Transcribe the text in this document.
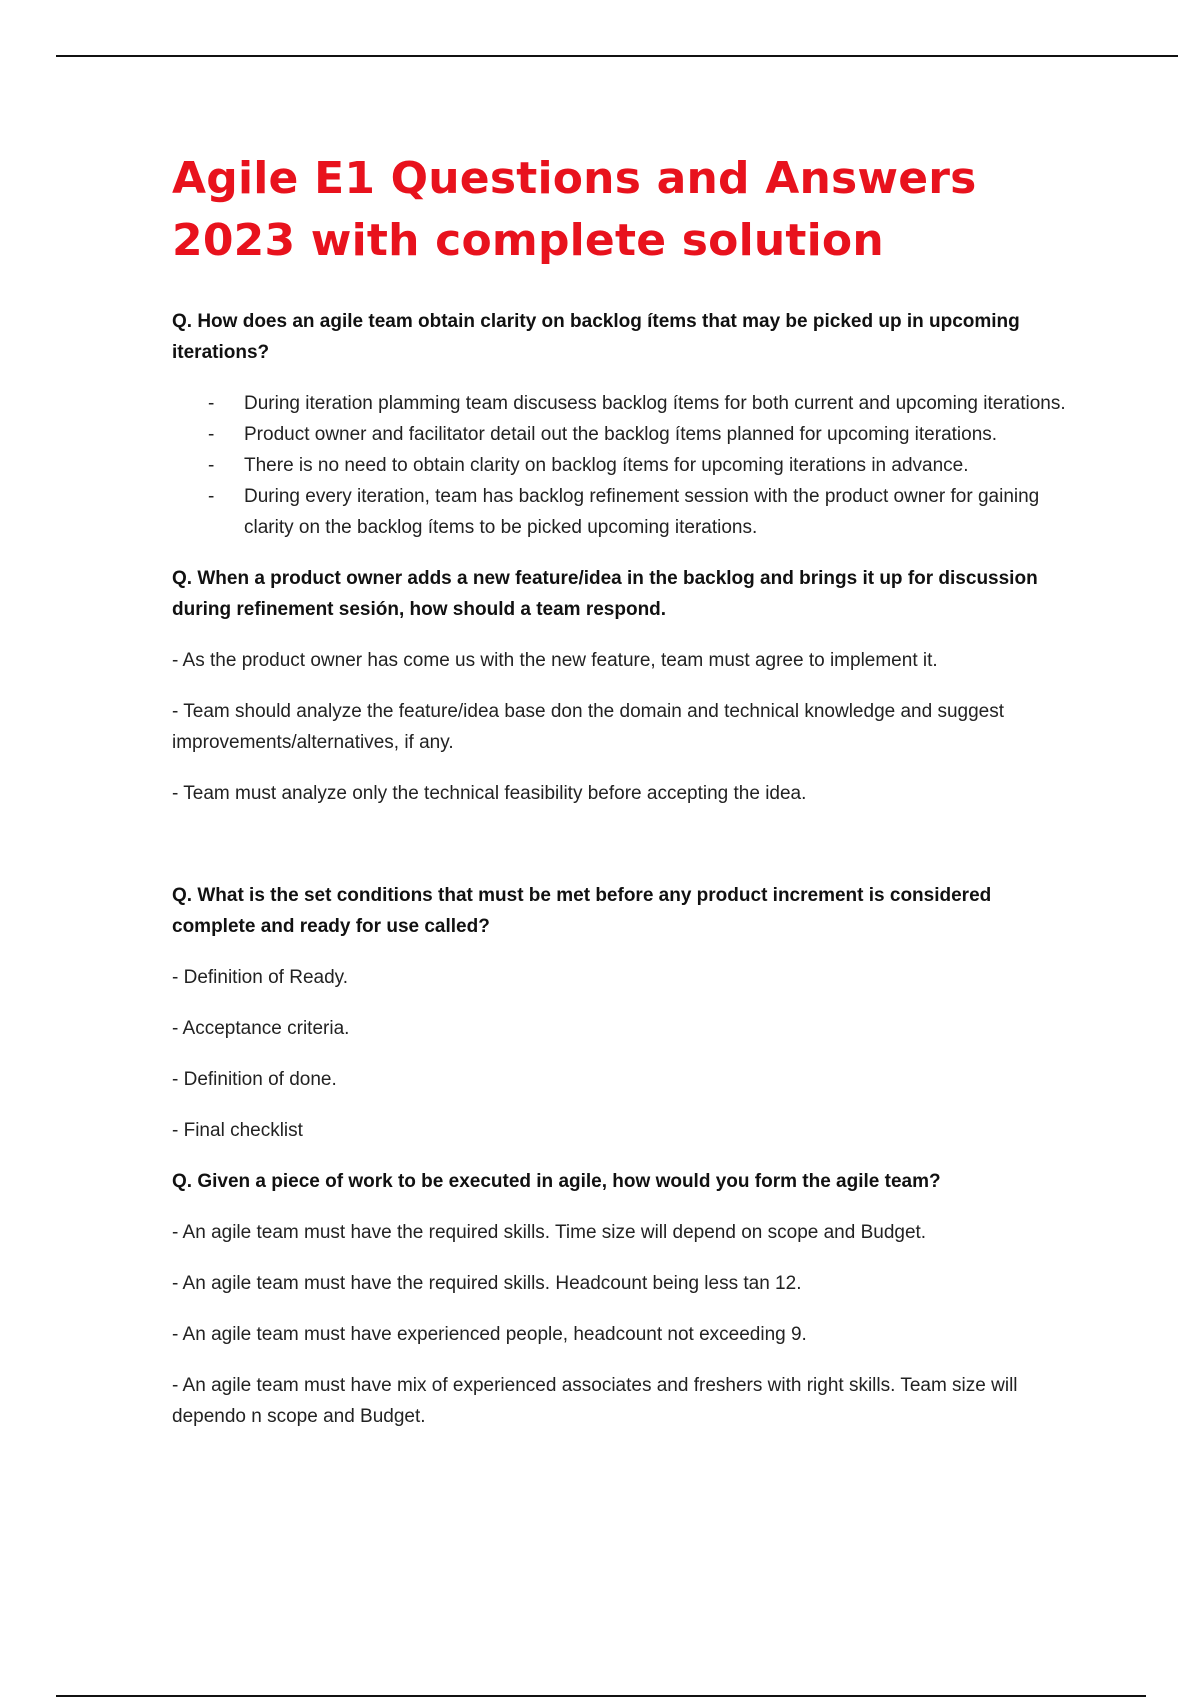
Agile E1 Questions and Answers
2023 with complete solution

Q. How does an agile team obtain clarity on backlog ítems that may be picked up in upcoming iterations?

- During iteration plamming team discusess backlog ítems for both current and upcoming iterations.
- Product owner and facilitator detail out the backlog ítems planned for upcoming iterations.
- There is no need to obtain clarity on backlog ítems for upcoming iterations in advance.
- During every iteration, team has backlog refinement session with the product owner for gaining clarity on the backlog ítems to be picked upcoming iterations.

Q. When a product owner adds a new feature/idea in the backlog and brings it up for discussion during refinement sesión, how should a team respond.

- As the product owner has come us with the new feature, team must agree to implement it.

- Team should analyze the feature/idea base don the domain and technical knowledge and suggest improvements/alternatives, if any.

- Team must analyze only the technical feasibility before accepting the idea.

Q. What is the set conditions that must be met before any product increment is considered complete and ready for use called?

- Definition of Ready.

- Acceptance criteria.

- Definition of done.

- Final checklist

Q. Given a piece of work to be executed in agile, how would you form the agile team?

- An agile team must have the required skills. Time size will depend on scope and Budget.

- An agile team must have the required skills. Headcount being less tan 12.

- An agile team must have experienced people, headcount not exceeding 9.

- An agile team must have mix of experienced associates and freshers with right skills. Team size will dependo n scope and Budget.
